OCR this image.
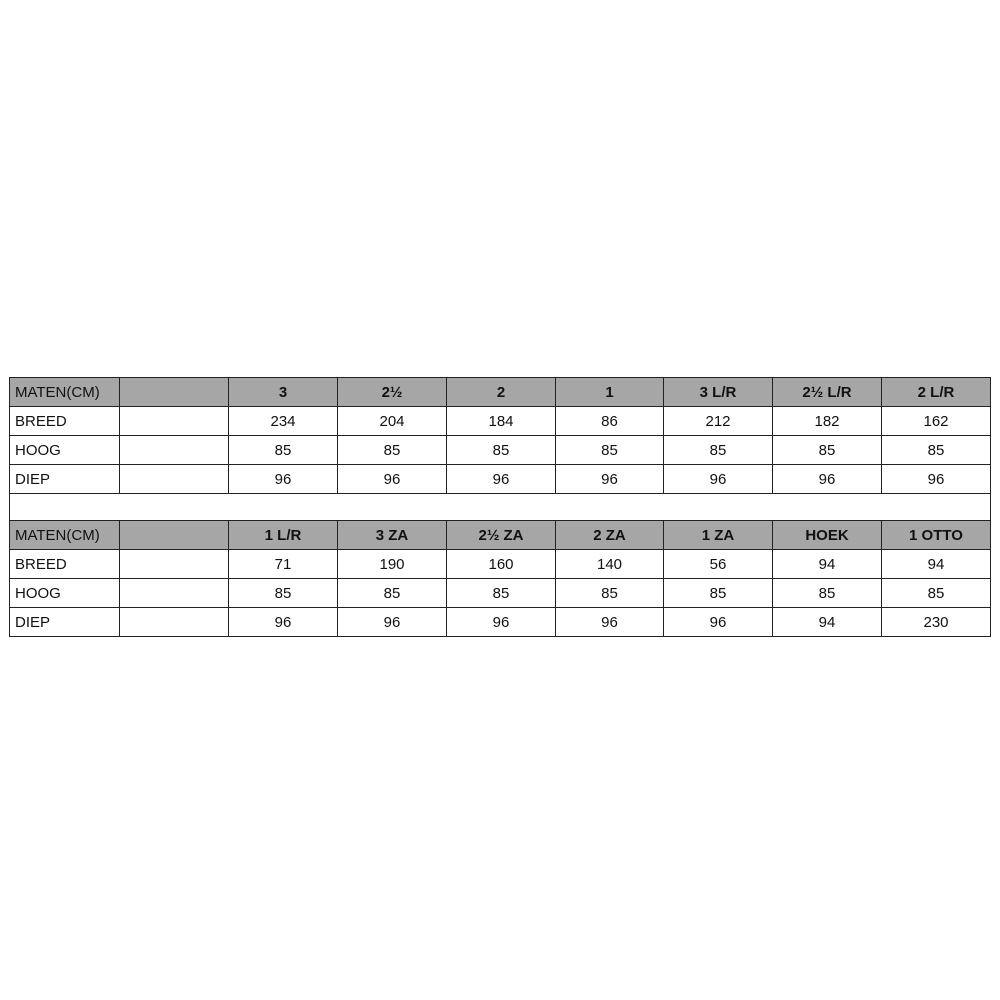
MATEN(CM)		3	2½	2	1	3 L/R	2½ L/R	2 L/R
BREED		234	204	184	86	212	182	162
HOOG		85	85	85	85	85	85	85
DIEP		96	96	96	96	96	96	96

MATEN(CM)		1 L/R	3 ZA	2½ ZA	2 ZA	1 ZA	HOEK	1 OTTO
BREED		71	190	160	140	56	94	94
HOOG		85	85	85	85	85	85	85
DIEP		96	96	96	96	96	94	230
